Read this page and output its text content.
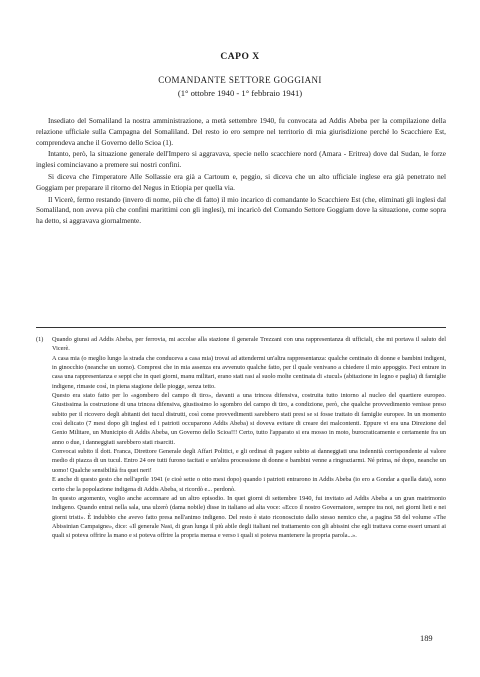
CAPO X
COMANDANTE SETTORE GOGGIANI
(1° ottobre 1940 - 1° febbraio 1941)

Insediato del Somaliland la nostra amministrazione, a metà settembre 1940, fu convocata ad Addis Abeba per la compilazione della relazione ufficiale sulla Campagna del Somaliland. Del resto io ero sempre nel territorio di mia giurisdizione perché lo Scacchiere Est, comprendeva anche il Governo dello Scioa (1).

Intanto, però, la situazione generale dell'Impero si aggravava, specie nello scacchiere nord (Amara - Eritrea) dove dal Sudan, le forze inglesi cominciavano a premere sui nostri confini.

Si diceva che l'imperatore Alle Sollassie era già a Cartoum e, peggio, si diceva che un alto ufficiale inglese era già penetrato nel Goggiam per preparare il ritorno del Negus in Etiopia per quella via.

Il Vicerè, fermo restando (invero di nome, più che di fatto) il mio incarico di comandante lo Scacchiere Est (che, eliminati gli inglesi dal Somaliland, non aveva più che confini marittimi con gli inglesi), mi incaricò del Comando Settore Goggiam dove la situazione, come sopra ha detto, si aggravava giornalmente.

(1)	Quando giunsi ad Addis Abeba, per ferrovia, mi accolse alla stazione il generale Trezzani con una rappresentanza di ufficiali, che mi portava il saluto del Vicerè.

A casa mia (o meglio lungo la strada che conduceva a casa mia) trovai ad attendermi un'altra rappresentanza: qualche centinaio di donne e bambini indigeni, in ginocchio (neanche un uomo). Compresi che in mia assenza era avvenuto qualche fatto, per il quale venivano a chiedere il mio appoggio. Feci entrare in casa una rappresentanza e seppi che in quei giorni, manu militari, erano stati rasi al suolo molte centinaia di «tucul» (abitazione in legno e paglia) di famiglie indigene, rimaste così, in piena stagione delle piogge, senza tetto.

Questo era stato fatto per lo «sgombero del campo di tiro», davanti a una trincea difensiva, costruita tutto intorno al nucleo del quartiere europeo. Giustissima la costruzione di una trincea difensiva, giustissimo lo sgombro del campo di tiro, a condizione, però, che qualche provvedimento venisse preso subito per il ricovero degli abitanti dei tucul distrutti, così come provvedimenti sarebbero stati presi se si fosse trattato di famiglie europee. In un momento così delicato (7 mesi dopo gli inglesi ed i patrioti occuparono Addis Abeba) si doveva evitare di creare dei malcontenti. Eppure vi era una Direzione del Genio Militare, un Municipio di Addis Abeba, un Governo dello Scioa!!! Certo, tutto l'apparato si era mosso in moto, burocraticamente e certamente fra un anno o due, i danneggiati sarebbero stati risarciti.

Convocai subito il dott. Franca, Direttore Generale degli Affari Politici, e gli ordinai di pagare subito ai danneggiati una indennità corrispondente al valore medio di piazza di un tucul. Entro 24 ore tutti furono tacitati e un'altra processione di donne e bambini venne a ringraziarmi. Né prima, né dopo, neanche un uomo! Qualche sensibilità fra quei neri!

E anche di questo gesto che nell'aprile 1941 (e cioè sette o otto mesi dopo) quando i patrioti entrarono in Addis Abeba (io ero a Gondar a quella data), sono certo che la popolazione indigena di Addis Abeba, si ricordò e... perdonò.

In questo argomento, voglio anche accennare ad un altro episodio. In quei giorni di settembre 1940, fui invitato ad Addis Abeba a un gran matrimonio indigeno. Quando entrai nella sala, una ulzerò (dama nobile) disse in italiano ad alta voce: «Ecco il nostro Governatore, sempre tra noi, nei giorni lieti e nei giorni tristi». È indubbio che avevo fatto presa nell'animo indigeno. Del resto è stato riconosciuto dallo stesso nemico che, a pagina 58 del volume «The Abissinian Campaigne», dice: «Il generale Nasi, di gran lunga il più abile degli italiani nel trattamento con gli abissini che egli trattava come esseri umani ai quali si poteva offrire la mano e si poteva offrire la propria mensa e verso i quali si poteva mantenere la propria parola...».

189
